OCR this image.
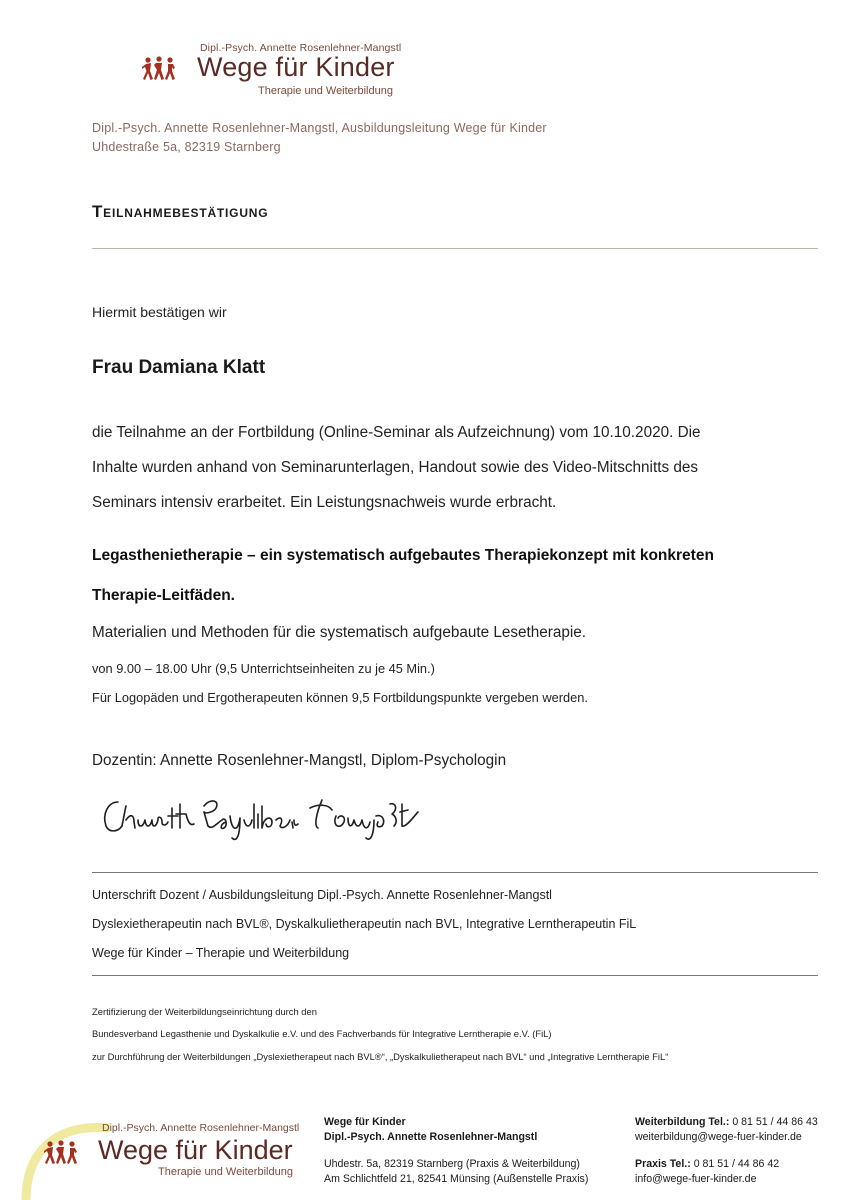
Dipl.-Psych. Annette Rosenlehner-Mangstl
Wege für Kinder
Therapie und Weiterbildung
Dipl.-Psych. Annette Rosenlehner-Mangstl, Ausbildungsleitung Wege für Kinder
Uhdestraße 5a, 82319 Starnberg
Teilnahmebestätigung
Hiermit bestätigen wir
Frau Damiana Klatt
die Teilnahme an der Fortbildung (Online-Seminar als Aufzeichnung) vom 10.10.2020. Die
Inhalte wurden anhand von Seminarunterlagen, Handout sowie des Video-Mitschnitts des
Seminars intensiv erarbeitet. Ein Leistungsnachweis wurde erbracht.
Legasthenietherapie – ein systematisch aufgebautes Therapiekonzept mit konkreten
Therapie-Leitfäden.
Materialien und Methoden für die systematisch aufgebaute Lesetherapie.
von 9.00 – 18.00 Uhr (9,5 Unterrichtseinheiten zu je 45 Min.)
Für Logopäden und Ergotherapeuten können 9,5 Fortbildungspunkte vergeben werden.
Dozentin: Annette Rosenlehner-Mangstl, Diplom-Psychologin
Unterschrift Dozent / Ausbildungsleitung Dipl.-Psych. Annette Rosenlehner-Mangstl
Dyslexietherapeutin nach BVL®, Dyskalkulietherapeutin nach BVL, Integrative Lerntherapeutin FiL
Wege für Kinder – Therapie und Weiterbildung
Zertifizierung der Weiterbildungseinrichtung durch den
Bundesverband Legasthenie und Dyskalkulie e.V. und des Fachverbands für Integrative Lerntherapie e.V. (FiL)
zur Durchführung der Weiterbildungen „Dyslexietherapeut nach BVL®“, „Dyskalkulietherapeut nach BVL“ und „Integrative Lerntherapie FiL“
Dipl.-Psych. Annette Rosenlehner-Mangstl
Wege für Kinder
Therapie und Weiterbildung
Wege für Kinder
Dipl.-Psych. Annette Rosenlehner-Mangstl
Uhdestr. 5a, 82319 Starnberg (Praxis & Weiterbildung)
Am Schlichtfeld 21, 82541 Münsing (Außenstelle Praxis)
Weiterbildung Tel.: 0 81 51 / 44 86 43
weiterbildung@wege-fuer-kinder.de
Praxis Tel.: 0 81 51 / 44 86 42
info@wege-fuer-kinder.de
